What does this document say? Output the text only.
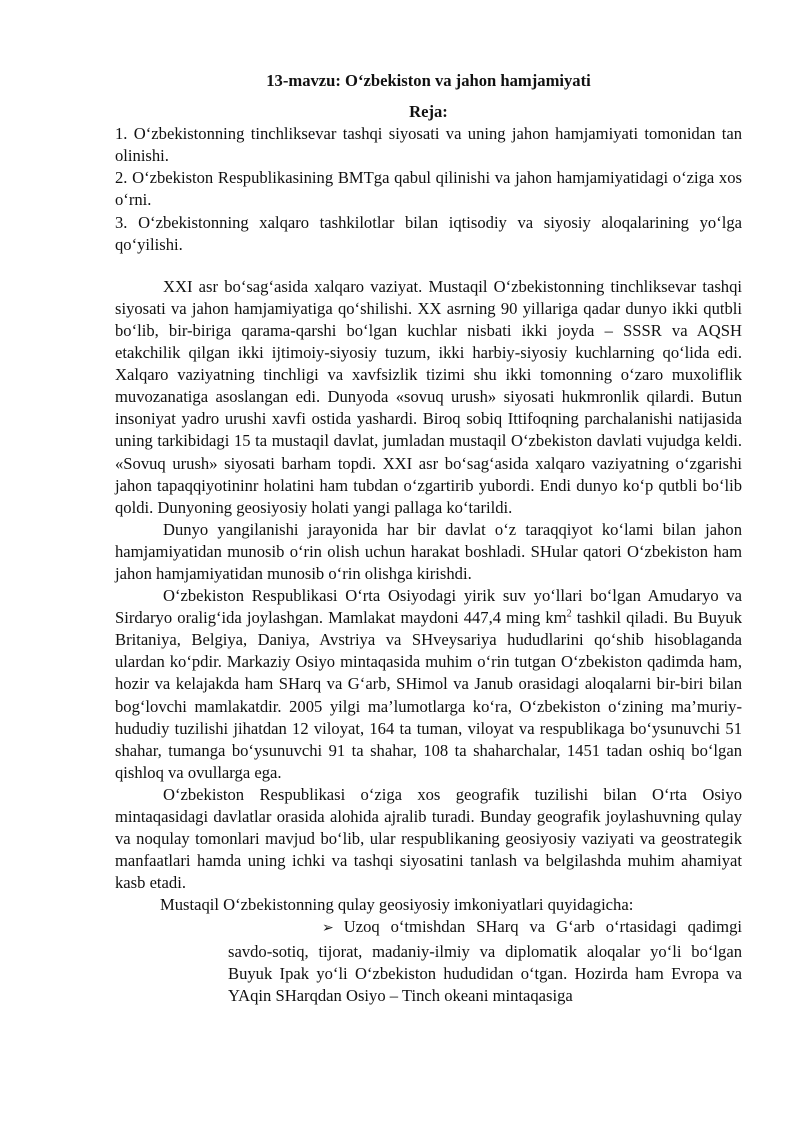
13-mavzu: O‘zbekiston va jahon hamjamiyati

Reja:

1. O‘zbekistonning tinchliksevar tashqi siyosati va uning jahon hamjamiyati tomonidan tan olinishi.

2. O‘zbekiston Respublikasining BMTga qabul qilinishi va jahon hamjamiyatidagi o‘ziga xos o‘rni.

3. O‘zbekistonning xalqaro tashkilotlar bilan iqtisodiy va siyosiy aloqalarining yo‘lga qo‘yilishi.

XXI asr bo‘sag‘asida xalqaro vaziyat. Mustaqil O‘zbekistonning tinchliksevar tashqi siyosati va jahon hamjamiyatiga qo‘shilishi. XX asrning 90 yillariga qadar dunyo ikki qutbli bo‘lib, bir-biriga qarama-qarshi bo‘lgan kuchlar nisbati ikki joyda – SSSR va AQSH etakchilik qilgan ikki ijtimoiy-siyosiy tuzum, ikki harbiy-siyosiy kuchlarning qo‘lida edi. Xalqaro vaziyatning tinchligi va xavfsizlik tizimi shu ikki tomonning o‘zaro muxoliflik muvozanatiga asoslangan edi. Dunyoda «sovuq urush» siyosati hukmronlik qilardi. Butun insoniyat yadro urushi xavfi ostida yashardi. Biroq sobiq Ittifoqning parchalanishi natijasida uning tarkibidagi 15 ta mustaqil davlat, jumladan mustaqil O‘zbekiston davlati vujudga keldi. «Sovuq urush» siyosati barham topdi. XXI asr bo‘sag‘asida xalqaro vaziyatning o‘zgarishi jahon tapaqqiyotininr holatini ham tubdan o‘zgartirib yubordi. Endi dunyo ko‘p qutbli bo‘lib qoldi. Dunyoning geosiyosiy holati yangi pallaga ko‘tarildi.

Dunyo yangilanishi jarayonida har bir davlat o‘z taraqqiyot ko‘lami bilan jahon hamjamiyatidan munosib o‘rin olish uchun harakat boshladi. SHular qatori O‘zbekiston ham jahon hamjamiyatidan munosib o‘rin olishga kirishdi.

O‘zbekiston Respublikasi O‘rta Osiyodagi yirik suv yo‘llari bo‘lgan Amudaryo va Sirdaryo oralig‘ida joylashgan. Mamlakat maydoni 447,4 ming $km^2$ tashkil qiladi. Bu Buyuk Britaniya, Belgiya, Daniya, Avstriya va SHveysariya hududlarini qo‘shib hisoblaganda ulardan ko‘pdir. Markaziy Osiyo mintaqasida muhim o‘rin tutgan O‘zbekiston qadimda ham, hozir va kelajakda ham SHarq va G‘arb, SHimol va Janub orasidagi aloqalarni bir-biri bilan bog‘lovchi mamlakatdir. 2005 yilgi ma’lumotlarga ko‘ra, O‘zbekiston o‘zining ma’muriy-hududiy tuzilishi jihatdan 12 viloyat, 164 ta tuman, viloyat va respublikaga bo‘ysunuvchi 51 shahar, tumanga bo‘ysunuvchi 91 ta shahar, 108 ta shaharchalar, 1451 tadan oshiq bo‘lgan qishloq va ovullarga ega.

O‘zbekiston Respublikasi o‘ziga xos geografik tuzilishi bilan O‘rta Osiyo mintaqasidagi davlatlar orasida alohida ajralib turadi. Bunday geografik joylashuvning qulay va noqulay tomonlari mavjud bo‘lib, ular respublikaning geosiyosiy vaziyati va geostrategik manfaatlari hamda uning ichki va tashqi siyosatini tanlash va belgilashda muhim ahamiyat kasb etadi.

Mustaqil O‘zbekistonning qulay geosiyosiy imkoniyatlari quyidagicha:

➢ Uzoq o‘tmishdan SHarq va G‘arb o‘rtasidagi qadimgi savdo-sotiq, tijorat, madaniy-ilmiy va diplomatik aloqalar yo‘li bo‘lgan Buyuk Ipak yo‘li O‘zbekiston hududidan o‘tgan. Hozirda ham Evropa va YAqin SHarqdan Osiyo – Tinch okeani mintaqasiga
